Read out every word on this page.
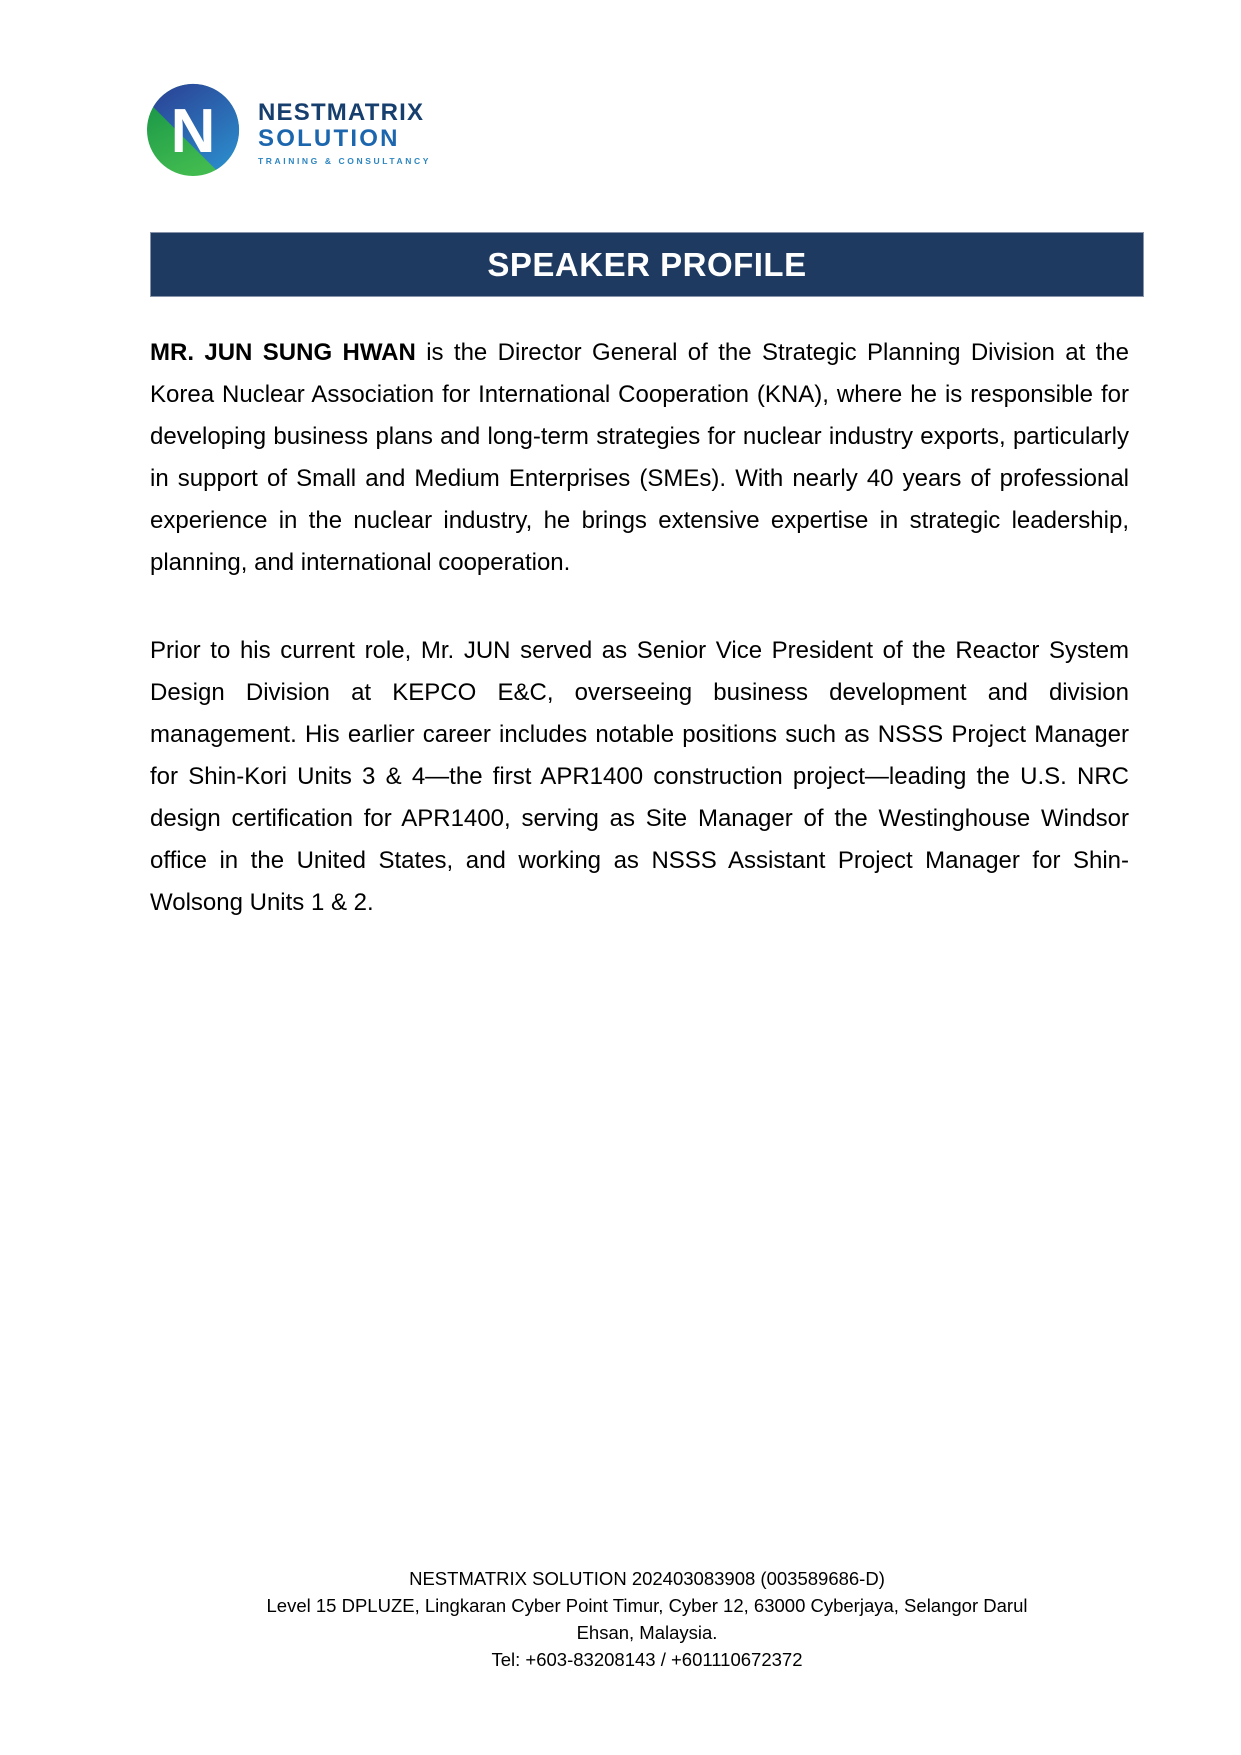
N NESTMATRIX
SOLUTION
TRAINING & CONSULTANCY
SPEAKER PROFILE

MR. JUN SUNG HWAN is the Director General of the Strategic Planning Division at the Korea Nuclear Association for International Cooperation (KNA), where he is responsible for developing business plans and long-term strategies for nuclear industry exports, particularly in support of Small and Medium Enterprises (SMEs). With nearly 40 years of professional experience in the nuclear industry, he brings extensive expertise in strategic leadership, planning, and international cooperation.

Prior to his current role, Mr. JUN served as Senior Vice President of the Reactor System Design Division at KEPCO E&C, overseeing business development and division management. His earlier career includes notable positions such as NSSS Project Manager for Shin-Kori Units 3 & 4—the first APR1400 construction project—leading the U.S. NRC design certification for APR1400, serving as Site Manager of the Westinghouse Windsor office in the United States, and working as NSSS Assistant Project Manager for Shin-Wolsong Units 1 & 2.

NESTMATRIX SOLUTION 202403083908 (003589686-D)
Level 15 DPLUZE, Lingkaran Cyber Point Timur, Cyber 12, 63000 Cyberjaya, Selangor Darul
Ehsan, Malaysia.
Tel: +603-83208143 / +601110672372
